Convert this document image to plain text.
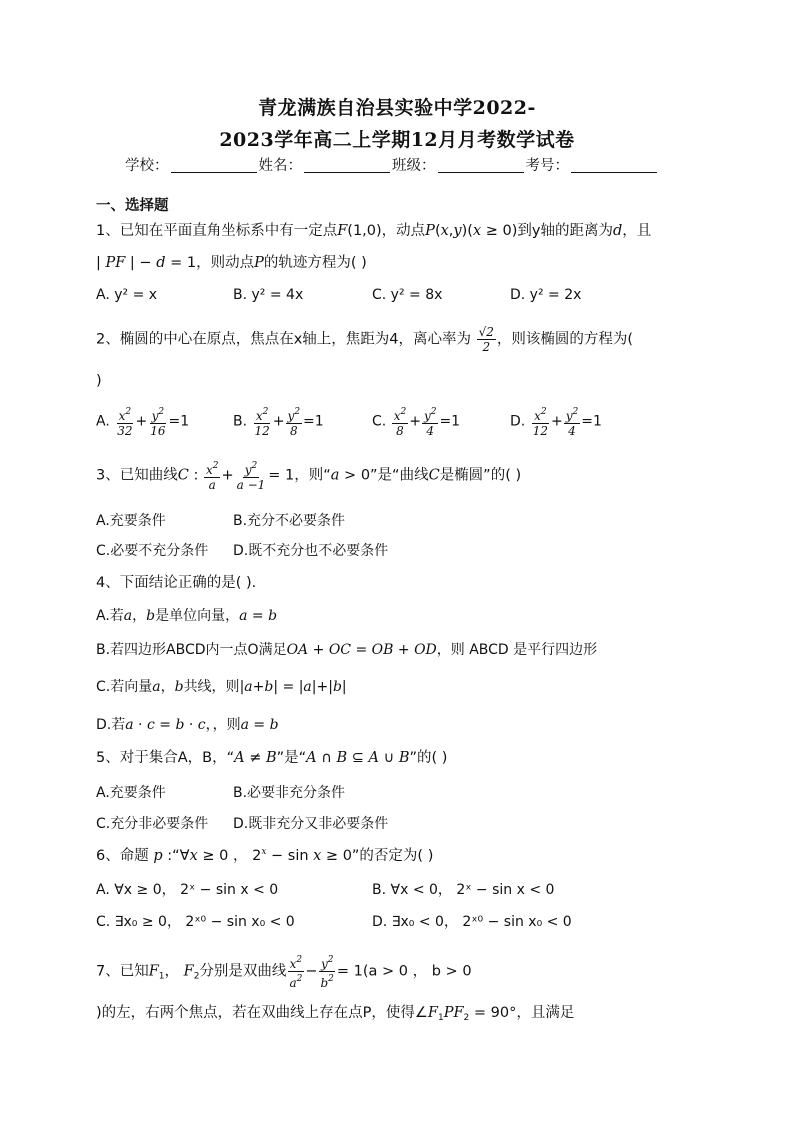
青龙满族自治县实验中学2022-
2023学年高二上学期12月月考数学试卷
学校：	姓名：	班级：	考号：
一、选择题
1、已知在平面直角坐标系中有一定点F(1,0)，动点P(x,y)(x ≥ 0)到y轴的距离为d，且
| PF | − d = 1，则动点P的轨迹方程为( )
A. y² = x	B. y² = 4x	C. y² = 8x	D. y² = 2x
2、椭圆的中心在原点，焦点在x轴上，焦距为4，离心率为 $\frac{√2}{2}$ ，则该椭圆的方程为(
)
A. $\frac{x^2}{32} + \frac{y^2}{16} =1$	B. $\frac{x^2}{12} + \frac{y^2}{8} =1$	C. $\frac{x^2}{8} + \frac{y^2}{4} =1$	D. $\frac{x^2}{12} + \frac{y^2}{4} =1$
3、已知曲线C : $\frac{x^2}{a} + \frac{y^2}{a -1} = 1$，则“a > 0”是“曲线C是椭圆”的( )
A.充要条件	B.充分不必要条件
C.必要不充分条件 D.既不充分也不必要条件
4、下面结论正确的是( ).
A.若a，b是单位向量，a = b
B.若四边形ABCD内一点O满足OA + OC = OB + OD，则 ABCD 是平行四边形
C.若向量a，b共线，则|a+b| = |a|+|b|
D.若a · c = b · c，，则a = b
5、对于集合A，B，“A ≠ B”是“A ∩ B ⊆ A ∪ B”的( )
A.充要条件	B.必要非充分条件
C.充分非必要条件 D.既非充分又非必要条件
6、命题 p :“∀x ≥ 0 ， $2^x - \sin x \ge 0$”的否定为( )
A. ∀x ≥ 0， 2ˣ − sin x < 0	B. ∀x < 0， 2ˣ − sin x < 0
C. ∃x₀ ≥ 0， 2ˣ⁰ − sin x₀ < 0	D. ∃x₀ < 0， 2ˣ⁰ − sin x₀ < 0
7、已知$F_1$， $F_2$分别是双曲线 $\frac{x^2}{a^2} - \frac{y^2}{b^2} = 1(a > 0$ ， b > 0
)的左，右两个焦点，若在双曲线上存在点P，使得$\angle F_1PF_2 = 90^\circ$，且满足
